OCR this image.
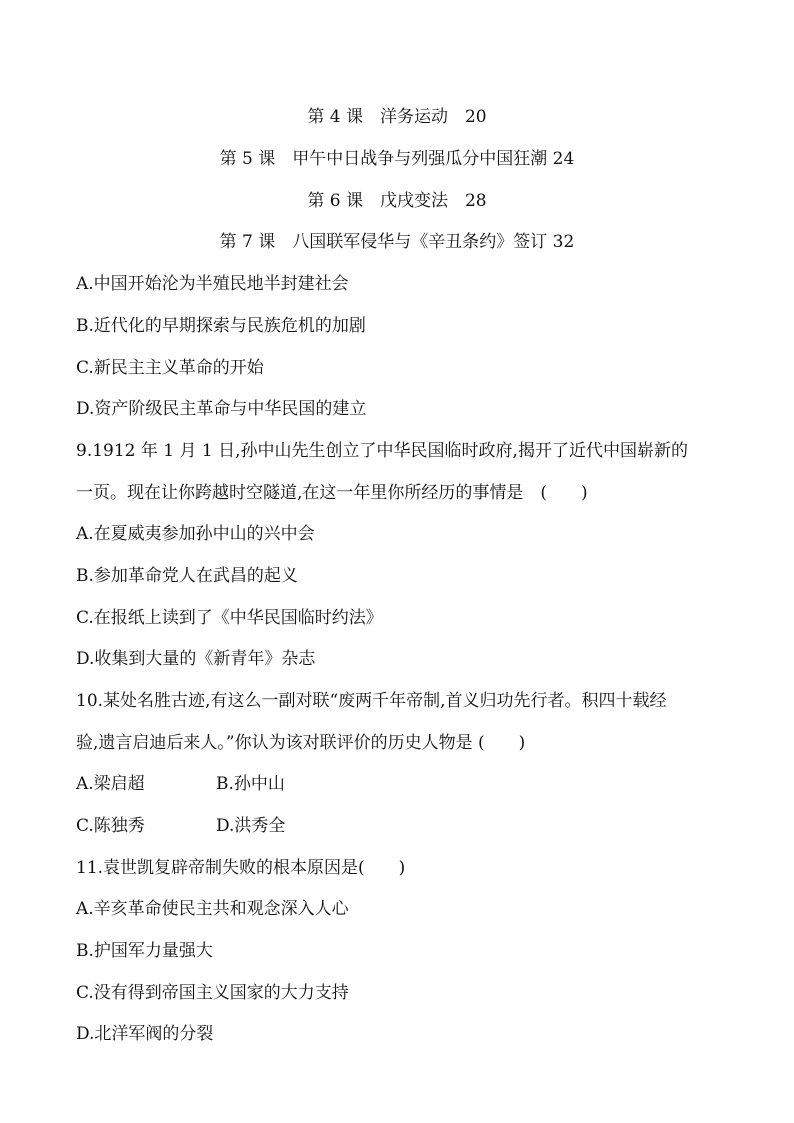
第 4 课　洋务运动　20
第 5 课　甲午中日战争与列强瓜分中国狂潮 24
第 6 课　戊戌变法　28
第 7 课　八国联军侵华与《辛丑条约》签订 32
A.中国开始沦为半殖民地半封建社会
B.近代化的早期探索与民族危机的加剧
C.新民主主义革命的开始
D.资产阶级民主革命与中华民国的建立
9.1912 年 1 月 1 日,孙中山先生创立了中华民国临时政府,揭开了近代中国崭新的
一页。现在让你跨越时空隧道,在这一年里你所经历的事情是　(　　)
A.在夏威夷参加孙中山的兴中会
B.参加革命党人在武昌的起义
C.在报纸上读到了《中华民国临时约法》
D.收集到大量的《新青年》杂志
10.某处名胜古迹,有这么一副对联“废两千年帝制,首义归功先行者。积四十载经
验,遗言启迪后来人。”你认为该对联评价的历史人物是 (　　)
A.梁启超	B.孙中山
C.陈独秀	D.洪秀全
11.袁世凯复辟帝制失败的根本原因是(　　)
A.辛亥革命使民主共和观念深入人心
B.护国军力量强大
C.没有得到帝国主义国家的大力支持
D.北洋军阀的分裂
